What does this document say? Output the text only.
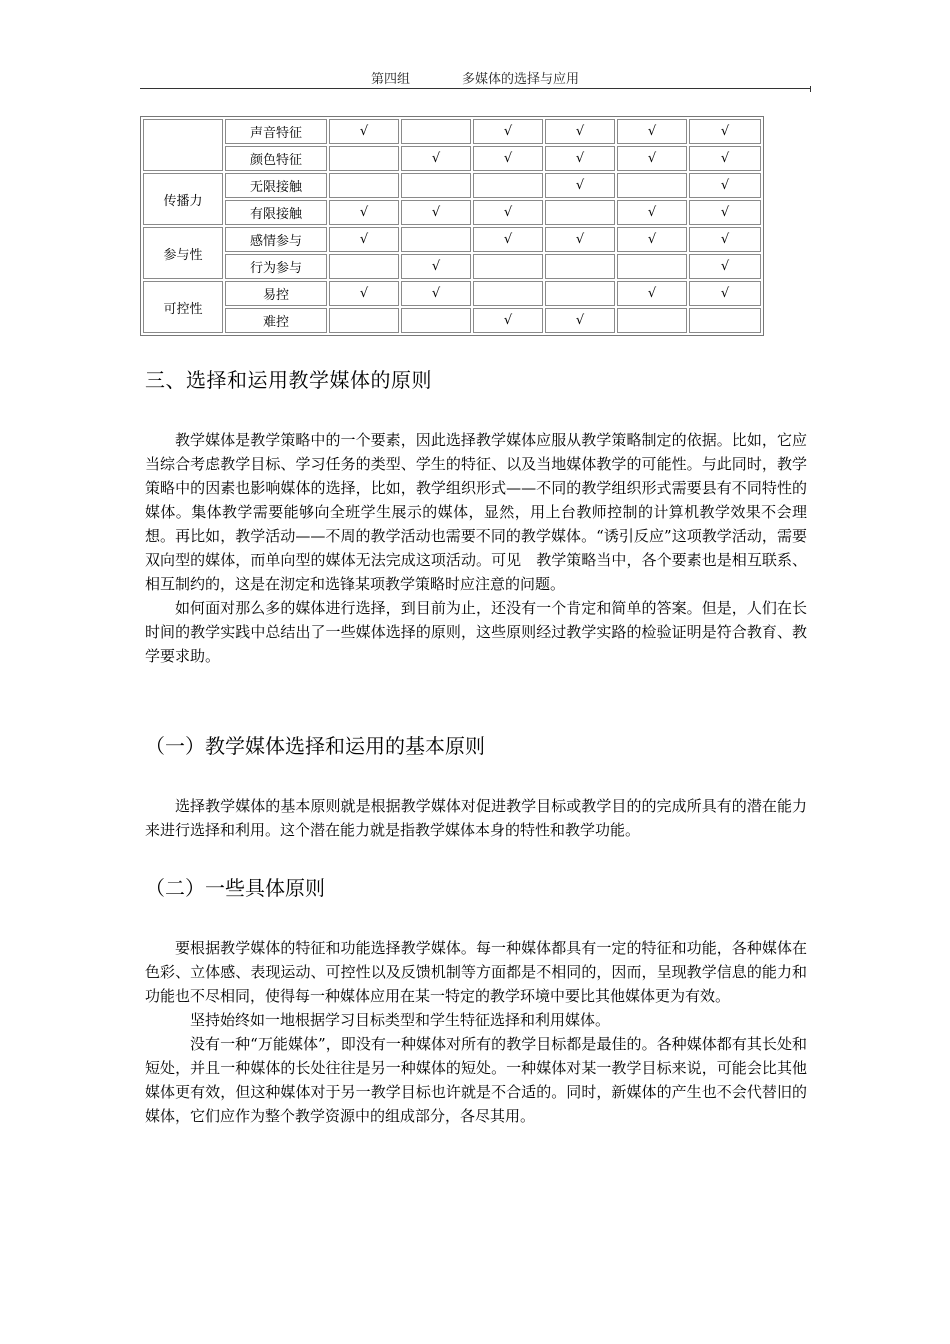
第四组	多媒体的选择与应用
	声音特征	√		√	√	√	√
	颜色特征		√	√	√	√	√
传播力	无限接触				√		√
	有限接触	√	√	√		√	√
参与性	感情参与	√		√	√	√	√
	行为参与		√				√
可控性	易控	√	√			√	√
	难控			√	√		
三、选择和运用教学媒体的原则

教学媒体是教学策略中的一个要素，因此选择教学媒体应服从教学策略制定的依据。比如，它应当综合考虑教学目标、学习任务的类型、学生的特征、以及当地媒体教学的可能性。与此同时，教学策略中的因素也影响媒体的选择，比如，教学组织形式——不同的教学组织形式需要县有不同特性的媒体。集体教学需要能够向全班学生展示的媒体，显然，用上台教师控制的计算机教学效果不会理想。再比如，教学活动——不周的教学活动也需要不同的教学媒体。“诱引反应”这项教学活动，需要双向型的媒体，而单向型的媒体无法完成这项活动。可见　教学策略当中，各个要素也是相互联系、相互制约的，这是在沏定和选锋某项教学策略时应注意的问题。

如何面对那么多的媒体进行选择，到目前为止，还没有一个肯定和简单的答案。但是，人们在长时间的教学实践中总结出了一些媒体选择的原则，这些原则经过教学实路的检验证明是符合教育、教学要求助。

（一）教学媒体选择和运用的基本原则

选择教学媒体的基本原则就是根据教学媒体对促进教学目标或教学目的的完成所具有的潜在能力来进行选择和利用。这个潜在能力就是指教学媒体本身的特性和教学功能。

（二）一些具体原则

要根据教学媒体的特征和功能选择教学媒体。每一种媒体都具有一定的特征和功能，各种媒体在色彩、立体感、表现运动、可控性以及反馈机制等方面都是不相同的，因而，呈现教学信息的能力和功能也不尽相同，使得每一种媒体应用在某一特定的教学环境中要比其他媒体更为有效。

坚持始终如一地根据学习目标类型和学生特征选择和利用媒体。

没有一种“万能媒体”，即没有一种媒体对所有的教学目标都是最佳的。各种媒体都有其长处和短处，并且一种媒体的长处往往是另一种媒体的短处。一种媒体对某一教学目标来说，可能会比其他媒体更有效，但这种媒体对于另一教学目标也许就是不合适的。同时，新媒体的产生也不会代替旧的媒体，它们应作为整个教学资源中的组成部分，各尽其用。
